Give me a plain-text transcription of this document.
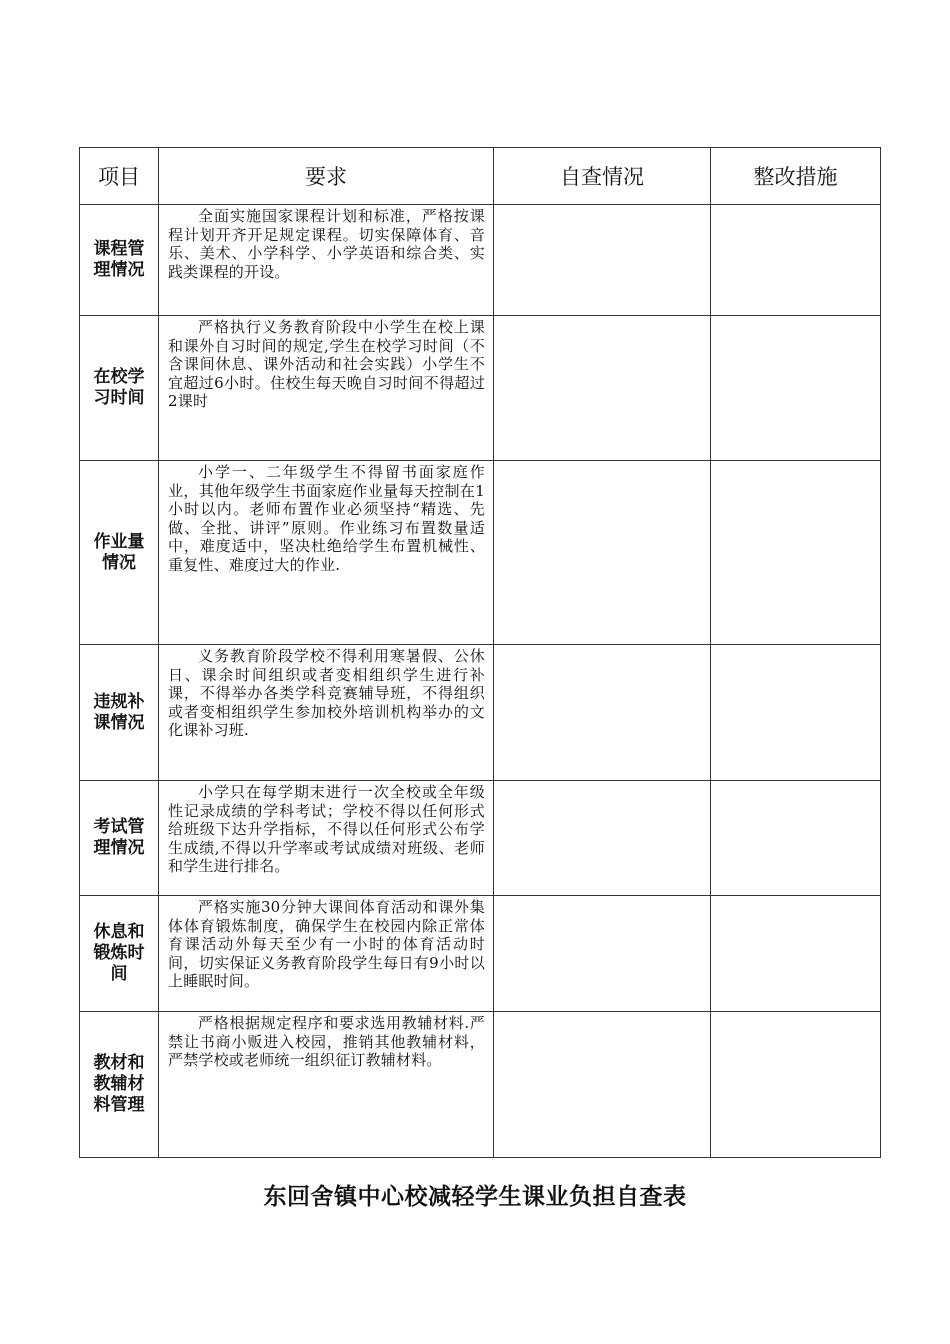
项目	要求	自查情况	整改措施
课程管理情况	全面实施国家课程计划和标准，严格按课程计划开齐开足规定课程。切实保障体育、音乐、美术、小学科学、小学英语和综合类、实践类课程的开设。		

在校学习时间	严格执行义务教育阶段中小学生在校上课和课外自习时间的规定,学生在校学习时间（不含课间休息、课外活动和社会实践）小学生不宜超过6小时。住校生每天晚自习时间不得超过2课时		

作业量情况	小学一、二年级学生不得留书面家庭作业，其他年级学生书面家庭作业量每天控制在1小时以内。老师布置作业必须坚持“精选、先做、全批、讲评”原则。作业练习布置数量适中，难度适中，坚决杜绝给学生布置机械性、重复性、难度过大的作业.		

违规补课情况	义务教育阶段学校不得利用寒暑假、公休日、课余时间组织或者变相组织学生进行补课，不得举办各类学科竞赛辅导班，不得组织或者变相组织学生参加校外培训机构举办的文化课补习班.		

考试管理情况	小学只在每学期末进行一次全校或全年级性记录成绩的学科考试；学校不得以任何形式给班级下达升学指标，不得以任何形式公布学生成绩,不得以升学率或考试成绩对班级、老师和学生进行排名。		

休息和锻炼时间	严格实施30分钟大课间体育活动和课外集体体育锻炼制度，确保学生在校园内除正常体育课活动外每天至少有一小时的体育活动时间，切实保证义务教育阶段学生每日有9小时以上睡眠时间。		

教材和教辅材料管理	严格根据规定程序和要求选用教辅材料.严禁让书商小贩进入校园，推销其他教辅材料，严禁学校或老师统一组织征订教辅材料。		

东回舍镇中心校减轻学生课业负担自查表
